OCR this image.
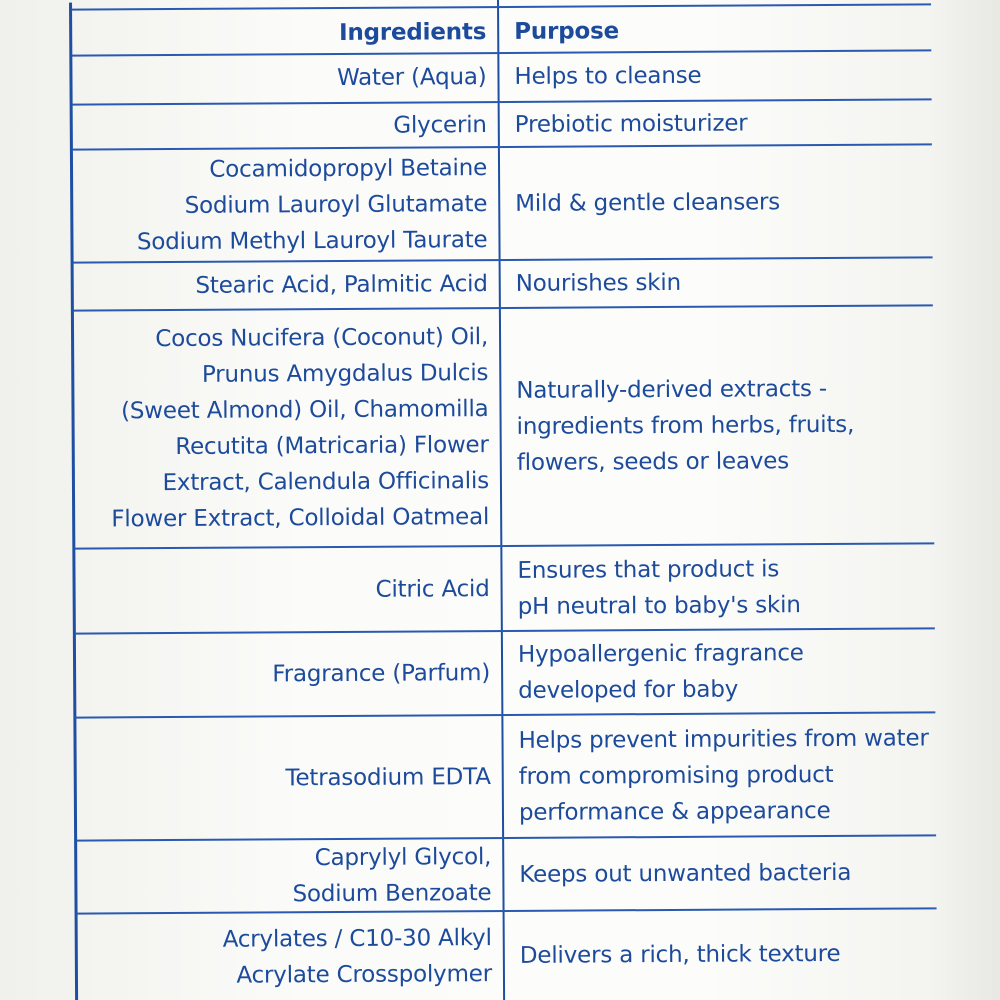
Ingredients Purpose
Water (Aqua) Helps to cleanse
Glycerin Prebiotic moisturizer
Cocamidopropyl Betaine
Sodium Lauroyl Glutamate
Sodium Methyl Lauroyl Taurate
Mild & gentle cleansers
Stearic Acid, Palmitic Acid Nourishes skin
Cocos Nucifera (Coconut) Oil,
Prunus Amygdalus Dulcis
(Sweet Almond) Oil, Chamomilla
Recutita (Matricaria) Flower
Extract, Calendula Officinalis
Flower Extract, Colloidal Oatmeal
Naturally-derived extracts -
ingredients from herbs, fruits,
flowers, seeds or leaves
Citric Acid
Ensures that product is
pH neutral to baby's skin
Fragrance (Parfum)
Hypoallergenic fragrance
developed for baby
Tetrasodium EDTA
Helps prevent impurities from water
from compromising product
performance & appearance
Caprylyl Glycol,
Sodium Benzoate
Keeps out unwanted bacteria
Acrylates / C10-30 Alkyl
Acrylate Crosspolymer
Delivers a rich, thick texture
